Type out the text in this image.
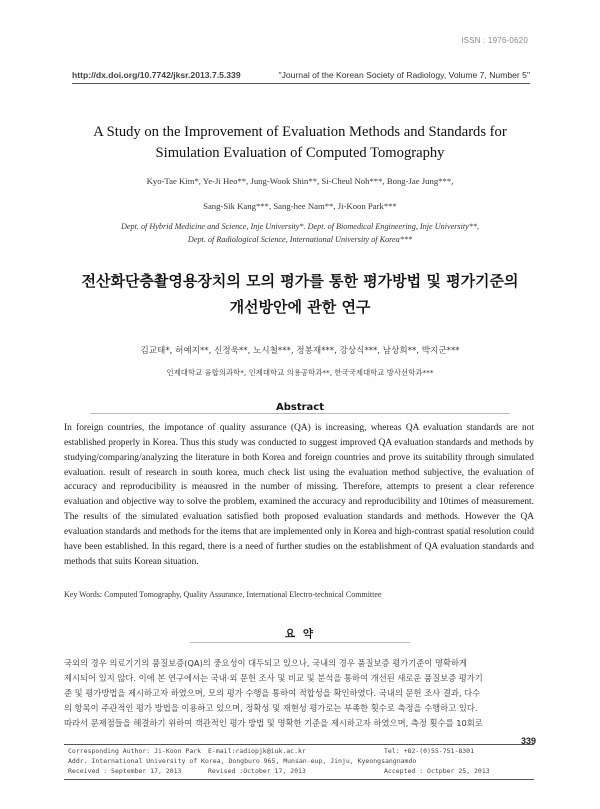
ISSN : 1976-0620
http://dx.doi.org/10.7742/jksr.2013.7.5.339	"Journal of the Korean Society of Radiology, Volume 7, Number 5"
A Study on the Improvement of Evaluation Methods and Standards for
Simulation Evaluation of Computed Tomography
Kyo-Tae Kim*, Ye-Ji Heo**, Jung-Wook Shin**, Si-Cheul Noh***, Bong-Jae Jung***,
Sang-Sik Kang***, Sang-hee Nam**, Ji-Koon Park***
Dept. of Hybrid Medicine and Science, Inje University*. Dept. of Biomedical Engineering, Inje University**,
Dept. of Radiological Science, International University of Korea***
전산화단층촬영용장치의 모의 평가를 통한 평가방법 및 평가기준의
개선방안에 관한 연구
김교태*, 허예지**, 신정욱**, 노시철***, 정봉재***, 강상식***, 남상희**, 박지군***
인제대학교 융합의과학*, 인제대학교 의용공학과**, 한국국제대학교 방사선학과***
Abstract
In foreign countries, the impotance of quality assurance (QA) is increasing, whereas QA evaluation standards are not established properly in Korea. Thus this study was conducted to suggest improved QA evaluation standards and methods by studying/comparing/analyzing the literature in both Korea and foreign countries and prove its suitability through simulated evaluation. result of research in south korea, much check list using the evaluation method subjective, the evaluation of accuracy and reproducibility is meausred in the number of missing. Therefore, attempts to present a clear reference evaluation and objective way to solve the problem, examined the accuracy and reproducibility and 10times of measurement. The results of the simulated evaluation satisfied both proposed evaluation standards and methods. However the QA evaluation standards and methods for the items that are implemented only in Korea and high-contrast spatial resolution could have been established. In this regard, there is a need of further studies on the establishment of QA evaluation standards and methods that suits Korean situation.
Key Words: Computed Tomography, Quality Assurance, International Electro-technical Committee
요 약
국외의 경우 의료기기의 품질보증(QA)의 중요성이 대두되고 있으나, 국내의 경우 품질보증 평가기준이 명확하게
제시되어 있지 않다. 이에 본 연구에서는 국내·외 문헌 조사 및 비교 및 분석을 통하여 개선된 새로운 품질보증 평가기
준 및 평가방법을 제시하고자 하였으며, 모의 평가 수행을 통하여 적합성을 확인하였다. 국내의 문헌 조사 결과, 다수
의 항목이 주관적인 평가 방법을 이용하고 있으며, 정확성 및 재현성 평가로는 부족한 횟수로 측정을 수행하고 있다.
따라서 문제점들을 해결하기 위하여 객관적인 평가 방법 및 명확한 기준을 제시하고자 하였으며, 측정 횟수를 10회로
339
Corresponding Author: Ji-Koon Park E-mail:radiopjk@iuk.ac.kr	Tel: +82-(0)55-751-8301
Addr. International University of Korea, Dongburo 965, Munsan-eup, Jinju, Kyeongsangnamdo
Received : September 17, 2013	Revised :October 17, 2013	Accepted : Octpber 25, 2013
